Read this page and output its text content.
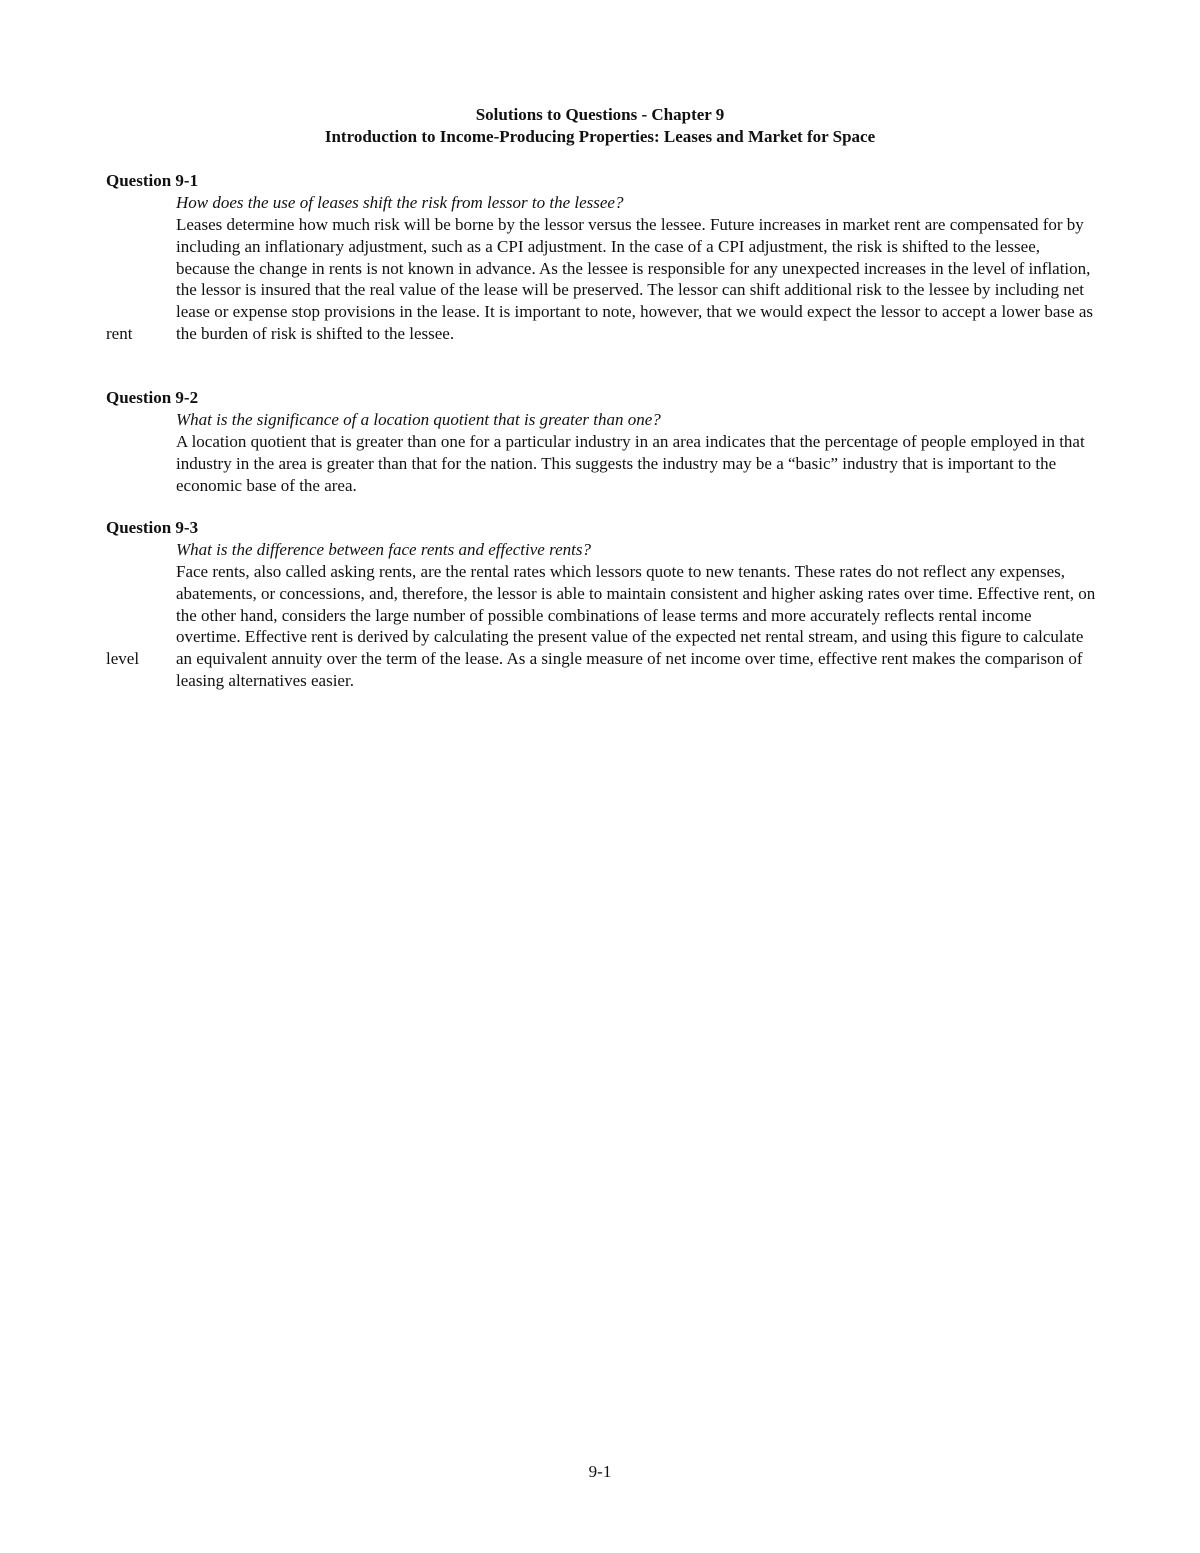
Solutions to Questions - Chapter 9
Introduction to Income-Producing Properties: Leases and Market for Space

Question 9-1

How does the use of leases shift the risk from lessor to the lessee?

rent
Leases determine how much risk will be borne by the lessor versus the lessee. Future increases in market rent are compensated for by including an inflationary adjustment, such as a CPI adjustment. In the case of a CPI adjustment, the risk is shifted to the lessee, because the change in rents is not known in advance. As the lessee is responsible for any unexpected increases in the level of inflation, the lessor is insured that the real value of the lease will be preserved. The lessor can shift additional risk to the lessee by including net lease or expense stop provisions in the lease. It is important to note, however, that we would expect the lessor to accept a lower base as the burden of risk is shifted to the lessee.

Question 9-2

What is the significance of a location quotient that is greater than one?

A location quotient that is greater than one for a particular industry in an area indicates that the percentage of people employed in that industry in the area is greater than that for the nation. This suggests the industry may be a “basic” industry that is important to the economic base of the area.

Question 9-3

What is the difference between face rents and effective rents?

level
Face rents, also called asking rents, are the rental rates which lessors quote to new tenants. These rates do not reflect any expenses, abatements, or concessions, and, therefore, the lessor is able to maintain consistent and higher asking rates over time. Effective rent, on the other hand, considers the large number of possible combinations of lease terms and more accurately reflects rental income overtime. Effective rent is derived by calculating the present value of the expected net rental stream, and using this figure to calculate an equivalent annuity over the term of the lease. As a single measure of net income over time, effective rent makes the comparison of leasing alternatives easier.
9-1
